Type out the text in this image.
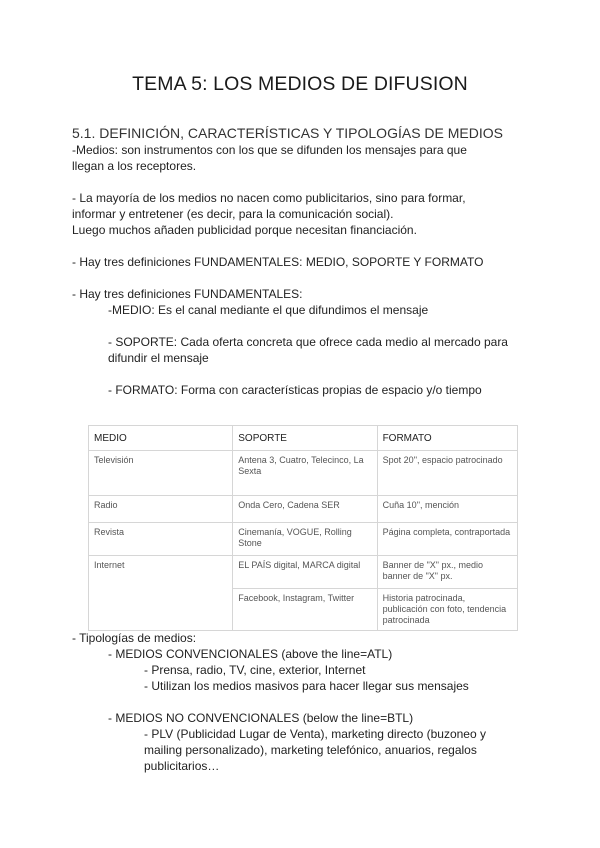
TEMA 5: LOS MEDIOS DE DIFUSION

5.1. DEFINICIÓN, CARACTERÍSTICAS Y TIPOLOGÍAS DE MEDIOS

-Medios: son instrumentos con los que se difunden los mensajes para que

llegan a los receptores.

- La mayoría de los medios no nacen como publicitarios, sino para formar,

informar y entretener (es decir, para la comunicación social).

Luego muchos añaden publicidad porque necesitan financiación.

- Hay tres definiciones FUNDAMENTALES: MEDIO, SOPORTE Y FORMATO

- Hay tres definiciones FUNDAMENTALES:

-MEDIO: Es el canal mediante el que difundimos el mensaje

- SOPORTE: Cada oferta concreta que ofrece cada medio al mercado para

difundir el mensaje

- FORMATO: Forma con características propias de espacio y/o tiempo

MEDIO	SOPORTE	FORMATO
Televisión	Antena 3, Cuatro, Telecinco, La Sexta	Spot 20'', espacio patrocinado
Radio	Onda Cero, Cadena SER	Cuña 10'', mención
Revista	Cinemanía, VOGUE, Rolling Stone	Página completa, contraportada
Internet	EL PAÍS digital, MARCA digital	Banner de "X" px., medio banner de "X" px.
	Facebook, Instagram, Twitter	Historia patrocinada, publicación con foto, tendencia patrocinada

- Tipologías de medios:

- MEDIOS CONVENCIONALES (above the line=ATL)

- Prensa, radio, TV, cine, exterior, Internet

- Utilizan los medios masivos para hacer llegar sus mensajes

- MEDIOS NO CONVENCIONALES (below the line=BTL)

- PLV (Publicidad Lugar de Venta), marketing directo (buzoneo y

mailing personalizado), marketing telefónico, anuarios, regalos

publicitarios…
